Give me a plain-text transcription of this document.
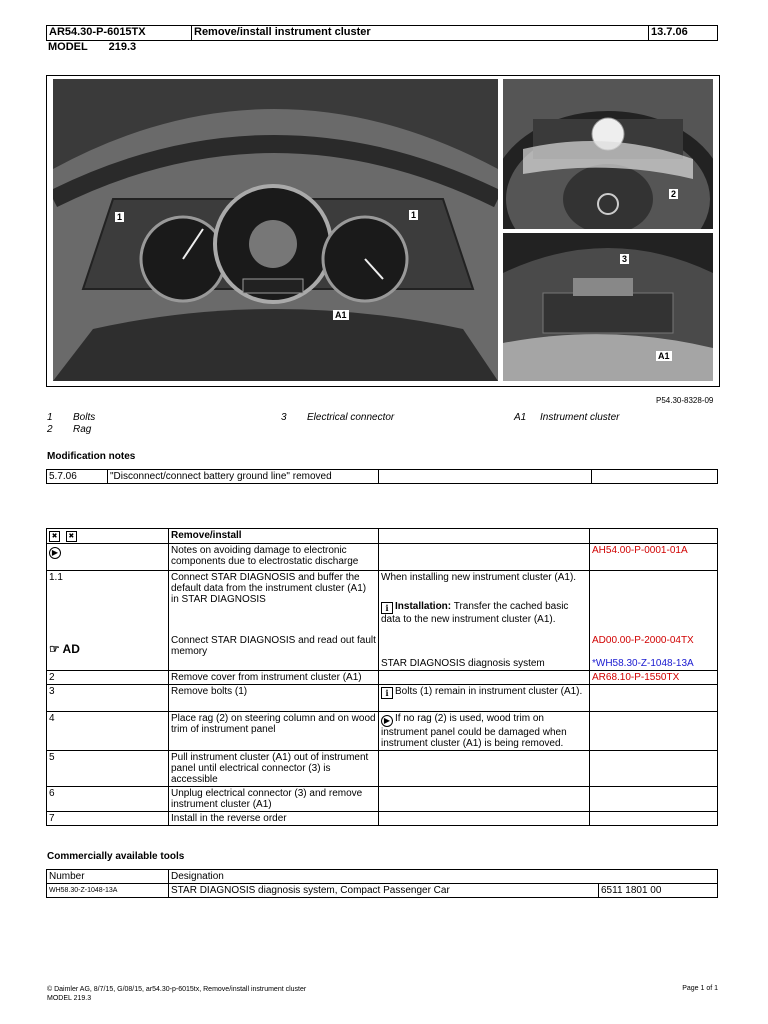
AR54.30-P-6015TX	Remove/install instrument cluster	13.7.06
MODEL 219.3
1	1
A1
2
3
A1
P54.30-8328-09
1 Bolts
2 Rag
3 Electrical connector	A1 Instrument cluster
Modification notes
5.7.06	"Disconnect/connect battery ground line" removed		
✖ ✖	Remove/install		
▶	Notes on avoiding damage to electronic components due to electrostatic discharge		AH54.00-P-0001-01A
1.1	Connect STAR DIAGNOSIS and buffer the default data from the instrument cluster (A1) in STAR DIAGNOSIS	When installing new instrument cluster (A1).
i Installation: Transfer the cached basic data to the new instrument cluster (A1).	

☞ AD	Connect STAR DIAGNOSIS and read out fault memory	STAR DIAGNOSIS diagnosis system	AD00.00-P-2000-04TX
*WH58.30-Z-1048-13A

2	Remove cover from instrument cluster (A1)		AR68.10-P-1550TX
3	Remove bolts (1)	i Bolts (1) remain in instrument cluster (A1).	
4	Place rag (2) on steering column and on wood trim of instrument panel	▶ If no rag (2) is used, wood trim on instrument panel could be damaged when instrument cluster (A1) is being removed.	
5	Pull instrument cluster (A1) out of instrument panel until electrical connector (3) is accessible		
6	Unplug electrical connector (3) and remove instrument cluster (A1)		
7	Install in the reverse order		
Commercially available tools
Number	Designation	
WH58.30-Z-1048-13A	STAR DIAGNOSIS diagnosis system, Compact Passenger Car	6511 1801 00
© Daimler AG, 8/7/15, G/08/15, ar54.30-p-6015tx, Remove/install instrument cluster
MODEL 219.3
Page 1 of 1
